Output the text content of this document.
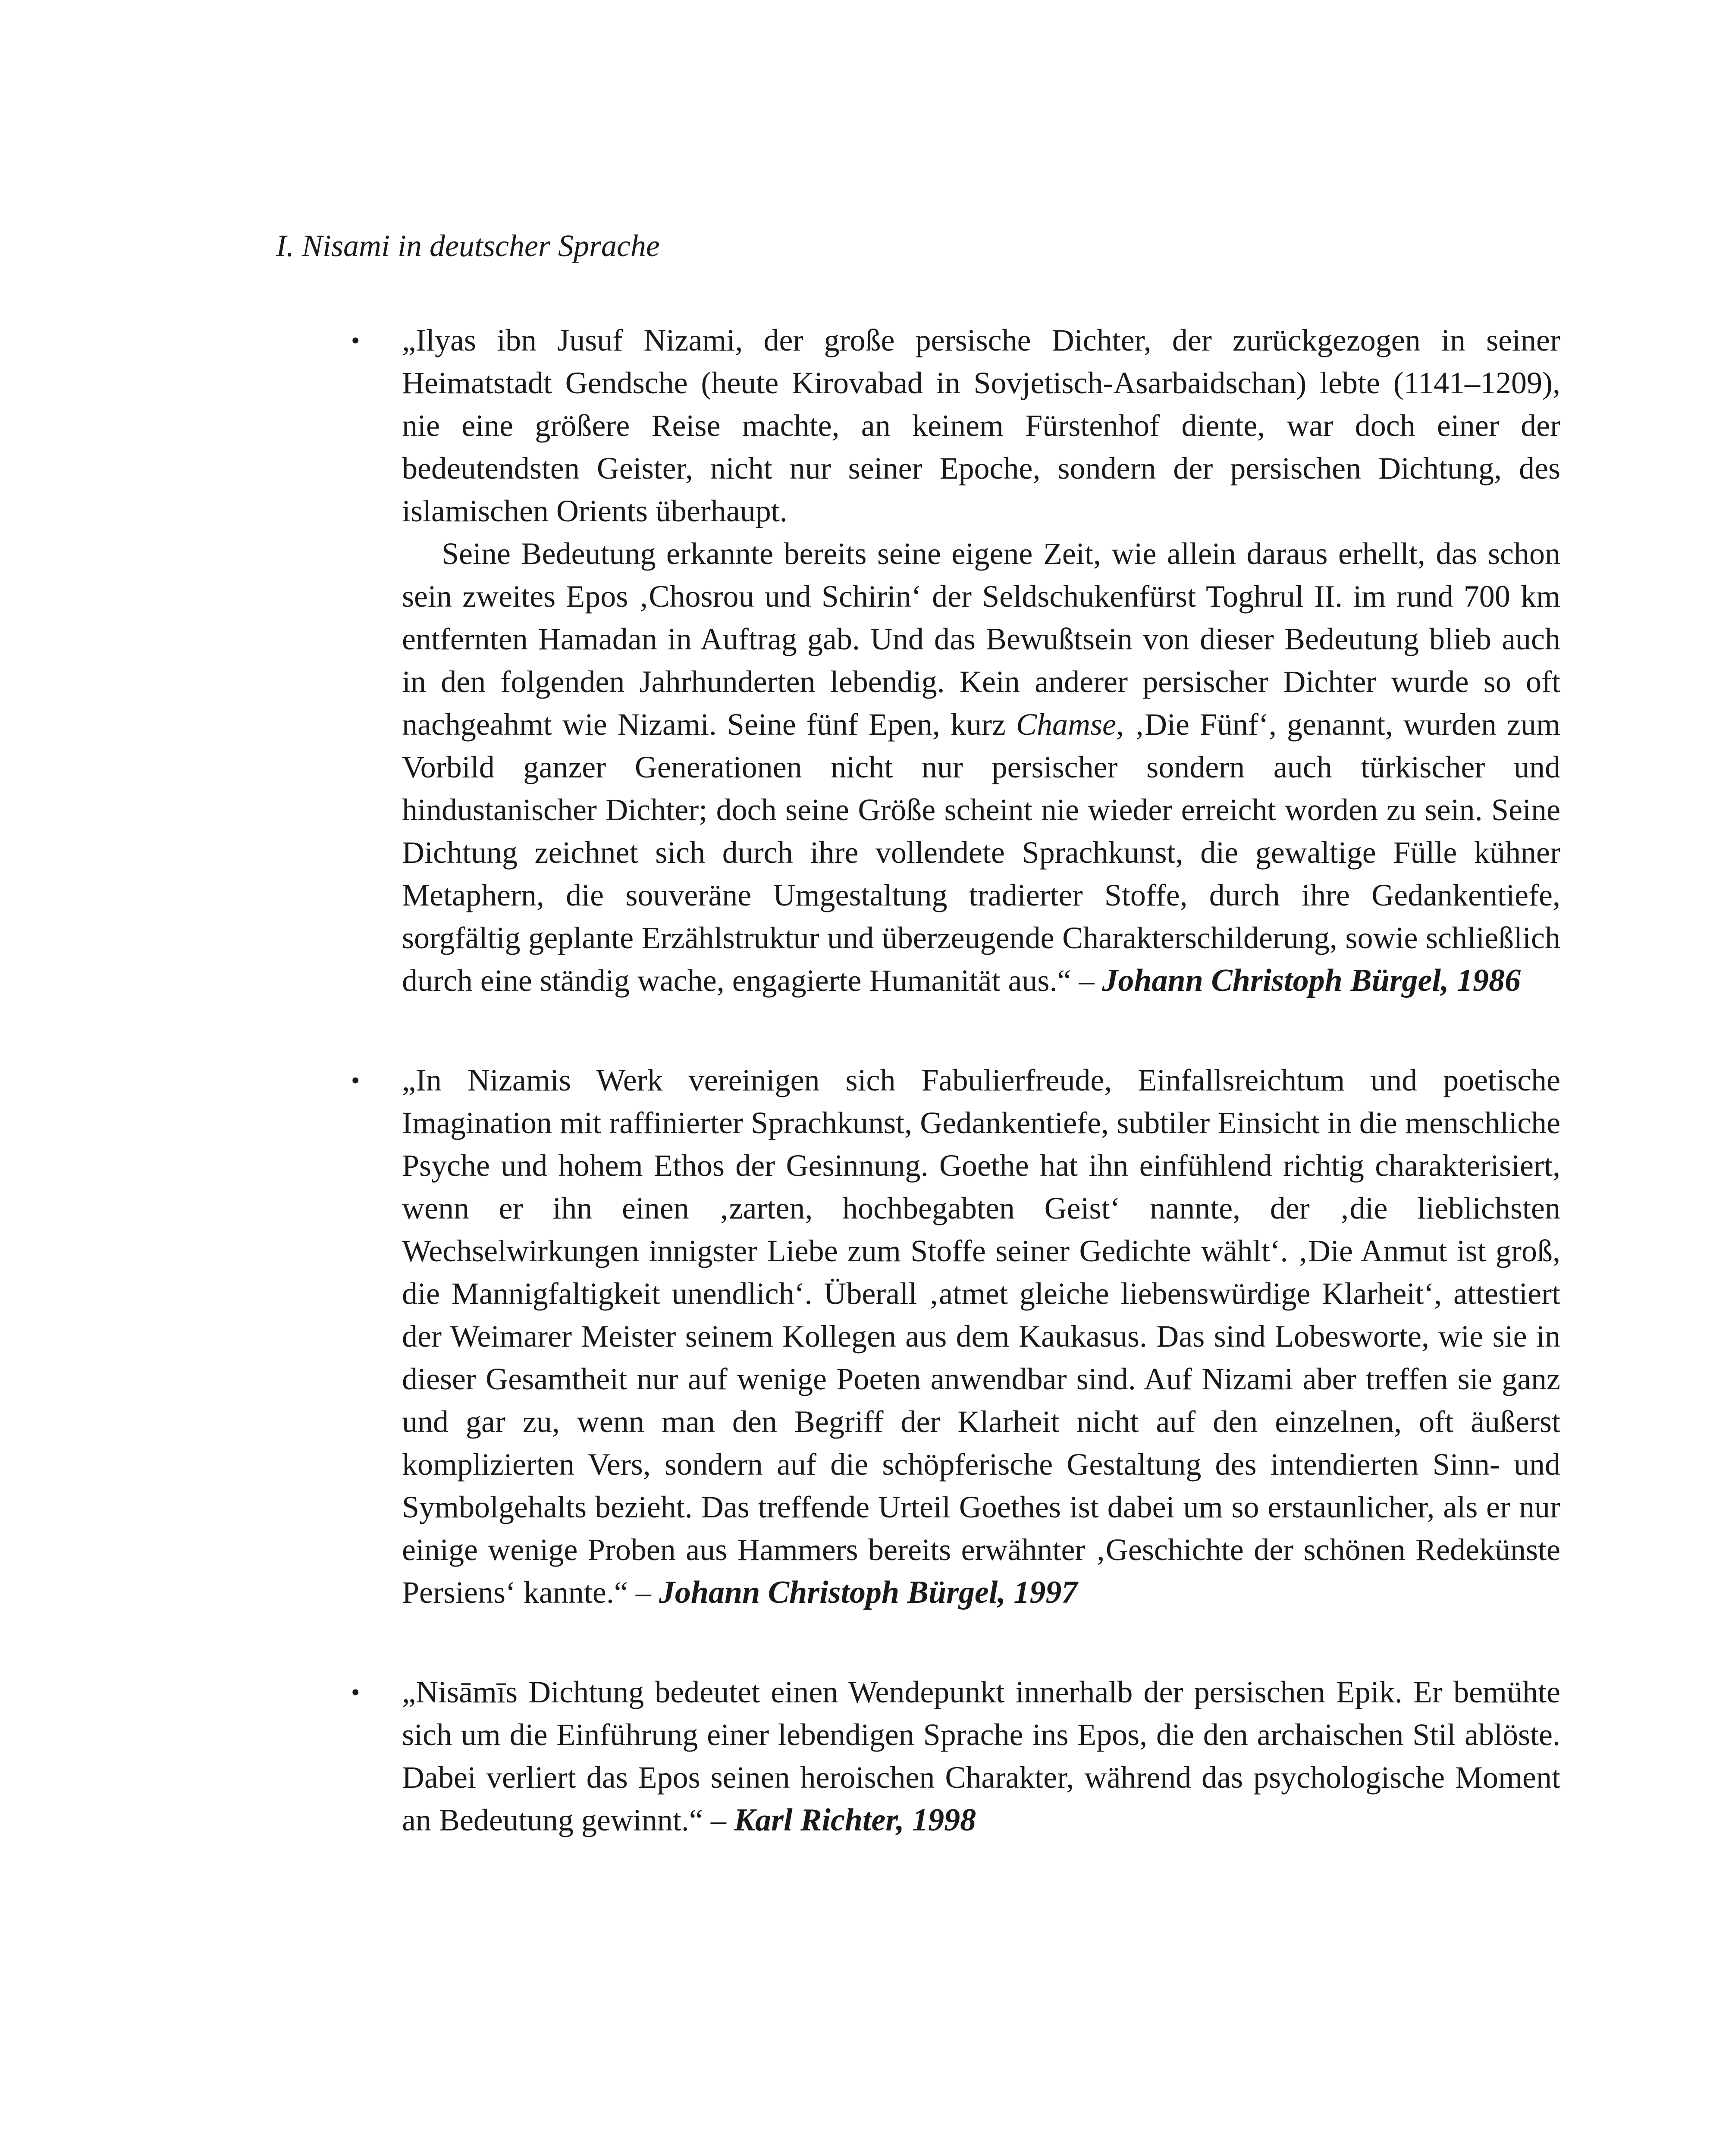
I. Nisami in deutscher Sprache
• „Ilyas ibn Jusuf Nizami, der große persische Dichter, der zurückgezogen in seiner Heimatstadt Gendsche (heute Kirovabad in Sovjetisch-Asarbaidschan) lebte (1141–1209), nie eine größere Reise machte, an keinem Fürstenhof diente, war doch einer der bedeutendsten Geister, nicht nur seiner Epoche, sondern der persischen Dichtung, des islamischen Orients überhaupt.

Seine Bedeutung erkannte bereits seine eigene Zeit, wie allein daraus erhellt, das schon sein zweites Epos ‚Chosrou und Schirin‘ der Seldschukenfürst Toghrul II. im rund 700 km entfernten Hamadan in Auftrag gab. Und das Bewußtsein von dieser Bedeutung blieb auch in den folgenden Jahrhunderten lebendig. Kein anderer persischer Dichter wurde so oft nachgeahmt wie Nizami. Seine fünf Epen, kurz Chamse, ‚Die Fünf‘, genannt, wurden zum Vorbild ganzer Generationen nicht nur persischer sondern auch türkischer und hindustanischer Dichter; doch seine Größe scheint nie wieder erreicht worden zu sein. Seine Dichtung zeichnet sich durch ihre vollendete Sprachkunst, die gewaltige Fülle kühner Metaphern, die souveräne Umgestaltung tradierter Stoffe, durch ihre Gedankentiefe, sorgfältig geplante Erzählstruktur und überzeugende Charakterschilderung, sowie schließlich durch eine ständig wache, engagierte Humanität aus.“ – Johann Christoph Bürgel, 1986

• „In Nizamis Werk vereinigen sich Fabulierfreude, Einfallsreichtum und poetische Imagination mit raffinierter Sprachkunst, Gedankentiefe, subtiler Einsicht in die menschliche Psyche und hohem Ethos der Gesinnung. Goethe hat ihn einfühlend richtig charakterisiert, wenn er ihn einen ‚zarten, hochbegabten Geist‘ nannte, der ‚die lieblichsten Wechselwirkungen innigster Liebe zum Stoffe seiner Gedichte wählt‘. ‚Die Anmut ist groß, die Mannigfaltigkeit unendlich‘. Überall ‚atmet gleiche liebenswürdige Klarheit‘, attestiert der Weimarer Meister seinem Kollegen aus dem Kaukasus. Das sind Lobesworte, wie sie in dieser Gesamtheit nur auf wenige Poeten anwendbar sind. Auf Nizami aber treffen sie ganz und gar zu, wenn man den Begriff der Klarheit nicht auf den einzelnen, oft äußerst komplizierten Vers, sondern auf die schöpferische Gestaltung des intendierten Sinn- und Symbolgehalts bezieht. Das treffende Urteil Goethes ist dabei um so erstaunlicher, als er nur einige wenige Proben aus Hammers bereits erwähnter ‚Geschichte der schönen Redekünste Persiens‘ kannte.“ – Johann Christoph Bürgel, 1997

• „Nisāmīs Dichtung bedeutet einen Wendepunkt innerhalb der persischen Epik. Er bemühte sich um die Einführung einer lebendigen Sprache ins Epos, die den archaischen Stil ablöste. Dabei verliert das Epos seinen heroischen Charakter, während das psychologische Moment an Bedeutung gewinnt.“ – Karl Richter, 1998
